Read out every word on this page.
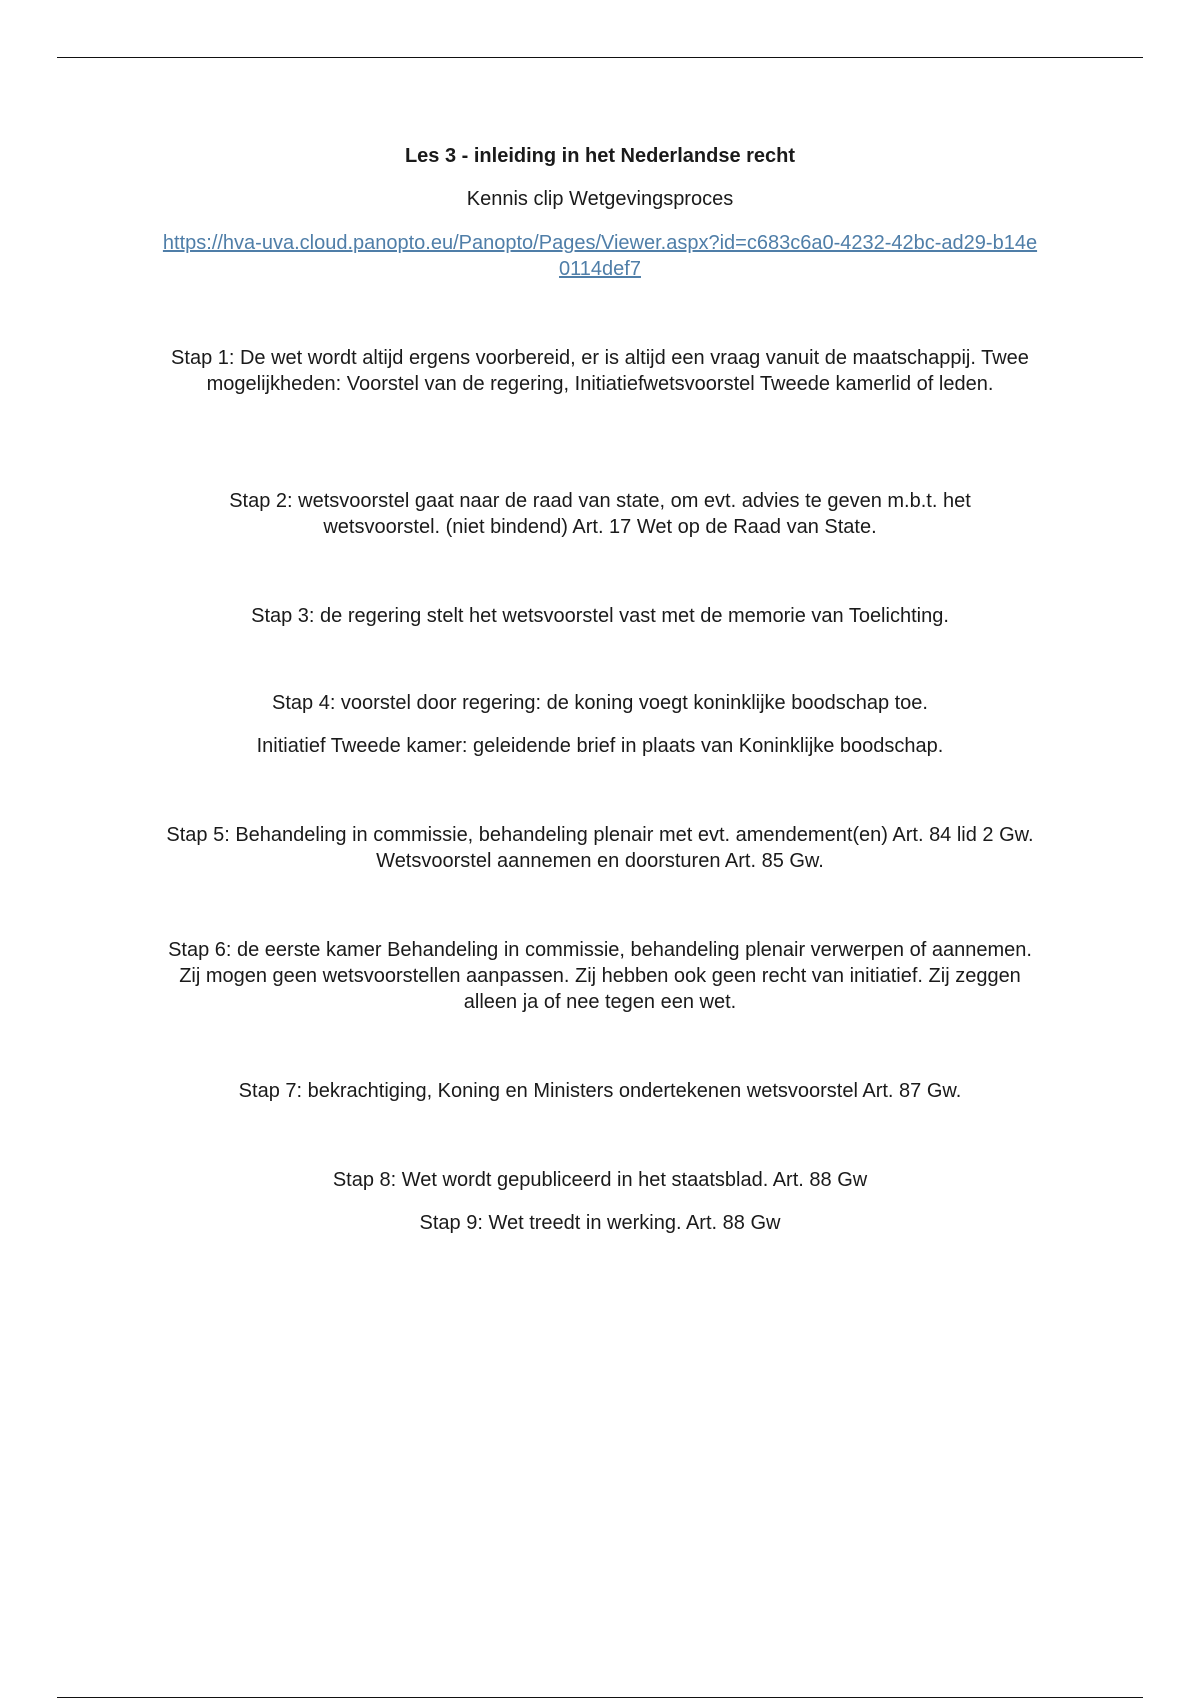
Les 3 - inleiding in het Nederlandse recht

Kennis clip Wetgevingsproces

https://hva-uva.cloud.panopto.eu/Panopto/Pages/Viewer.aspx?id=c683c6a0-4232-42bc-ad29-b14e0114def7

Stap 1: De wet wordt altijd ergens voorbereid, er is altijd een vraag vanuit de maatschappij. Twee mogelijkheden: Voorstel van de regering, Initiatiefwetsvoorstel Tweede kamerlid of leden.

Stap 2: wetsvoorstel gaat naar de raad van state, om evt. advies te geven m.b.t. het wetsvoorstel. (niet bindend) Art. 17 Wet op de Raad van State.

Stap 3: de regering stelt het wetsvoorstel vast met de memorie van Toelichting.

Stap 4: voorstel door regering: de koning voegt koninklijke boodschap toe.

Initiatief Tweede kamer: geleidende brief in plaats van Koninklijke boodschap.

Stap 5: Behandeling in commissie, behandeling plenair met evt. amendement(en) Art. 84 lid 2 Gw. Wetsvoorstel aannemen en doorsturen Art. 85 Gw.

Stap 6: de eerste kamer Behandeling in commissie, behandeling plenair verwerpen of aannemen. Zij mogen geen wetsvoorstellen aanpassen. Zij hebben ook geen recht van initiatief. Zij zeggen alleen ja of nee tegen een wet.

Stap 7: bekrachtiging, Koning en Ministers ondertekenen wetsvoorstel Art. 87 Gw.

Stap 8: Wet wordt gepubliceerd in het staatsblad. Art. 88 Gw

Stap 9: Wet treedt in werking. Art. 88 Gw
